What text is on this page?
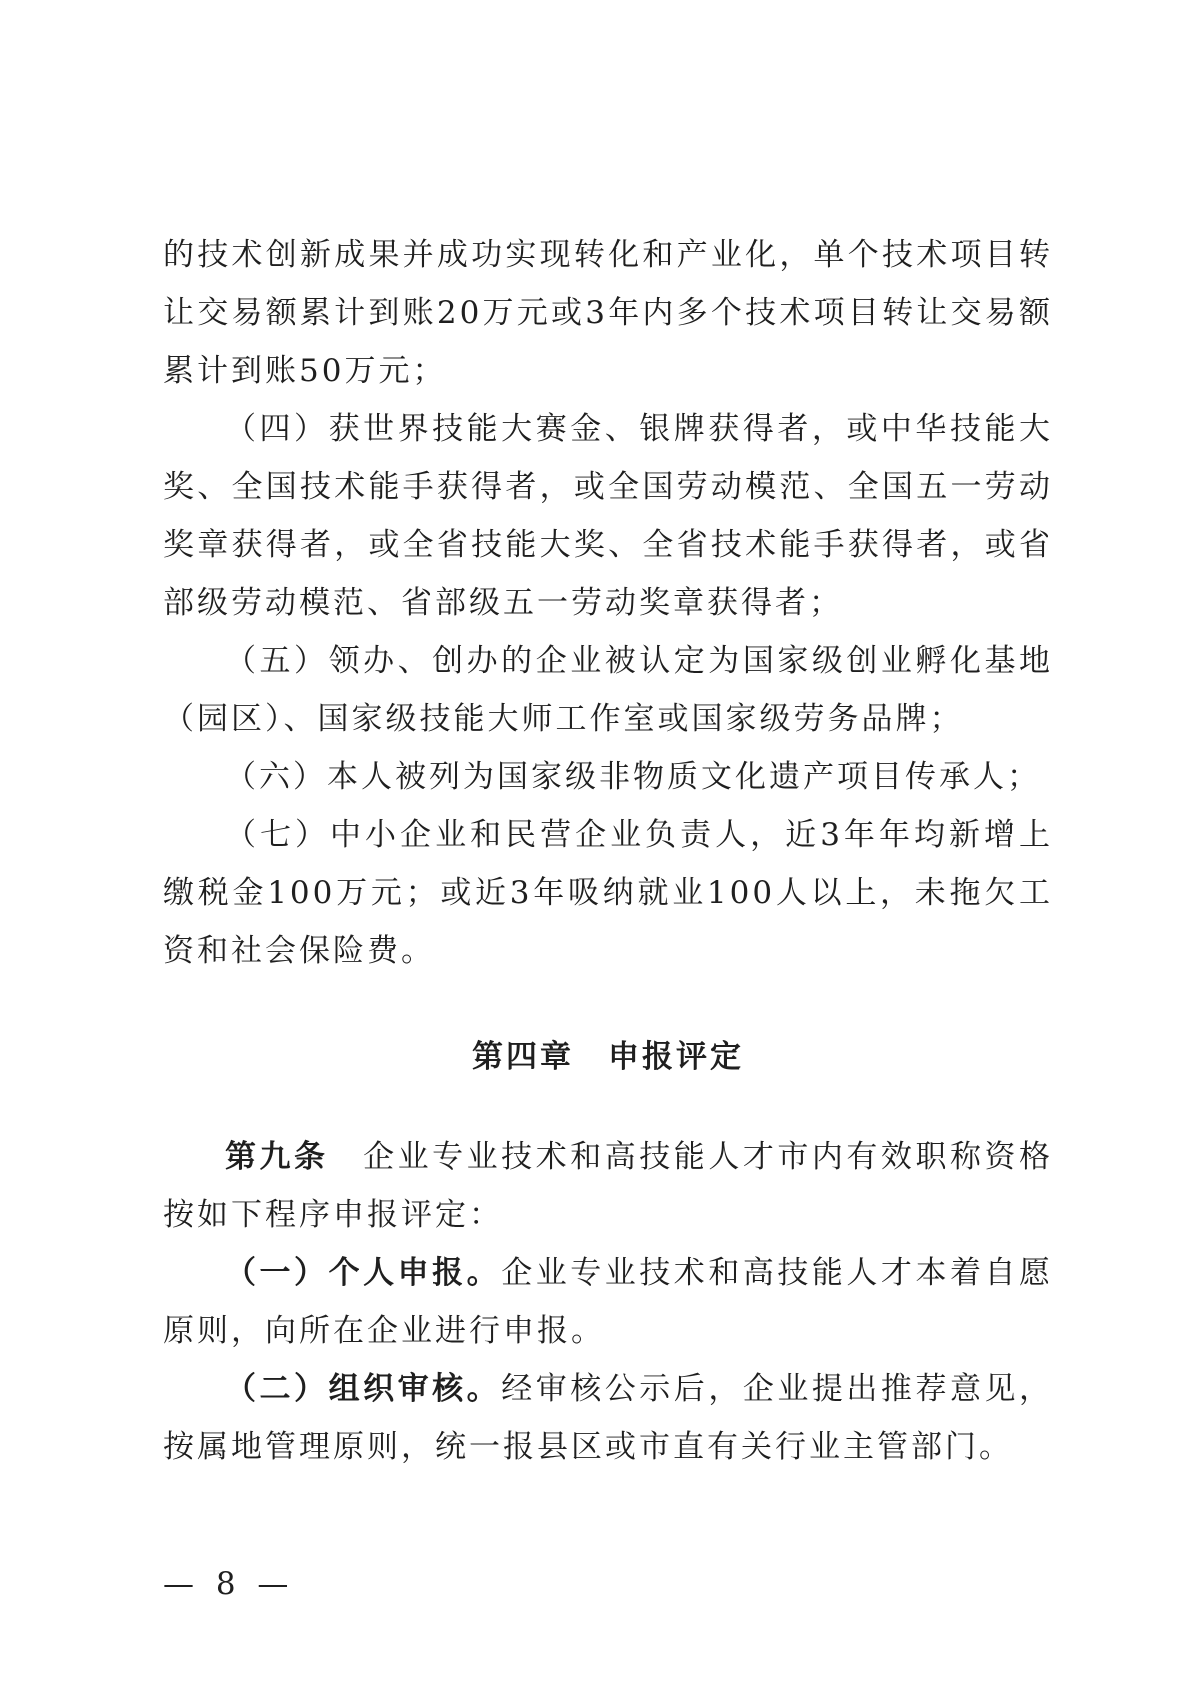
的技术创新成果并成功实现转化和产业化，单个技术项目转让交易额累计到账20万元或3年内多个技术项目转让交易额累计到账50万元；

（四）获世界技能大赛金、银牌获得者，或中华技能大奖、全国技术能手获得者，或全国劳动模范、全国五一劳动奖章获得者，或全省技能大奖、全省技术能手获得者，或省部级劳动模范、省部级五一劳动奖章获得者；

（五）领办、创办的企业被认定为国家级创业孵化基地（园区）、国家级技能大师工作室或国家级劳务品牌；

（六）本人被列为国家级非物质文化遗产项目传承人；

（七）中小企业和民营企业负责人，近3年年均新增上缴税金100万元；或近3年吸纳就业100人以上，未拖欠工资和社会保险费。

第四章 申报评定

第九条　企业专业技术和高技能人才市内有效职称资格按如下程序申报评定：

（一）个人申报。企业专业技术和高技能人才本着自愿原则，向所在企业进行申报。

（二）组织审核。经审核公示后，企业提出推荐意见，按属地管理原则，统一报县区或市直有关行业主管部门。

— 8 —
